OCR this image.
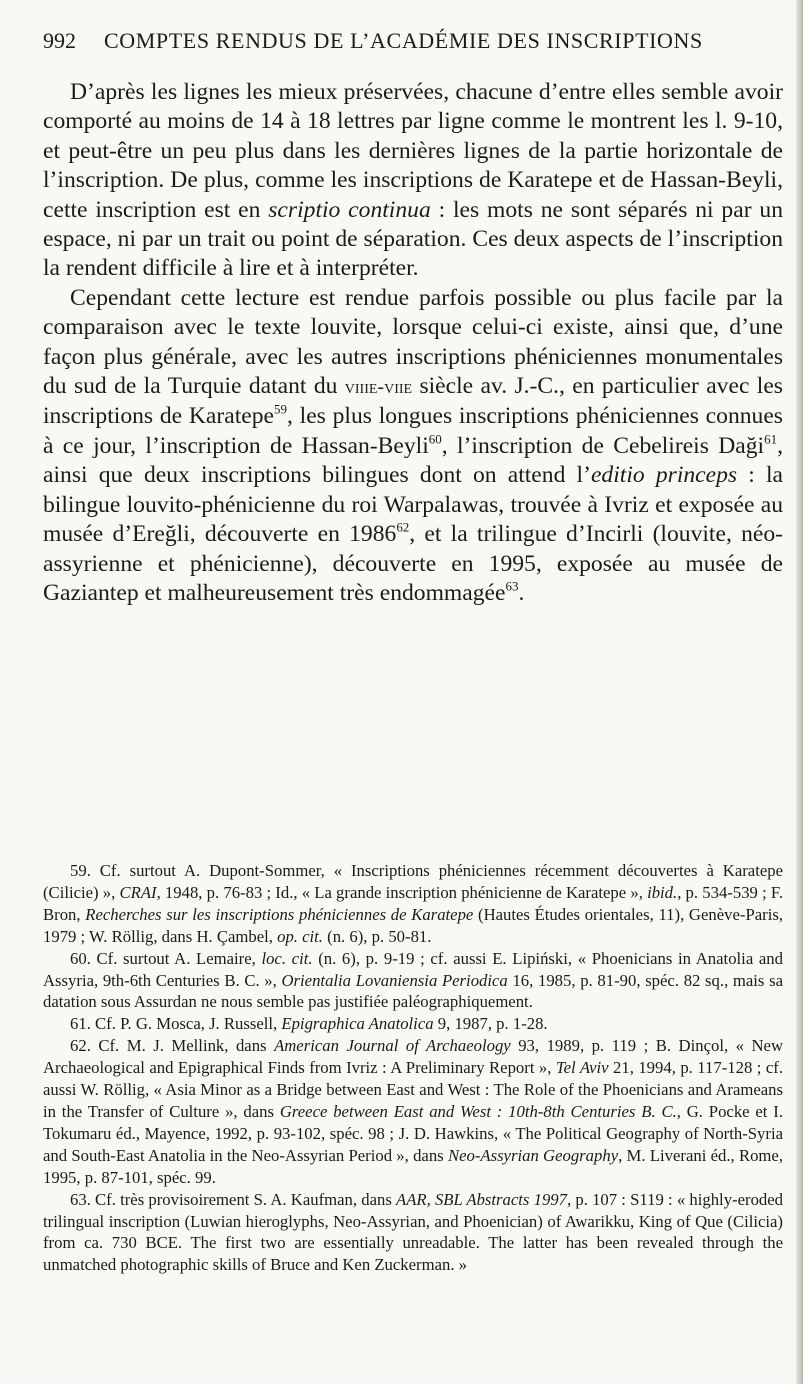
992 COMPTES RENDUS DE L’ACADÉMIE DES INSCRIPTIONS

D’après les lignes les mieux préservées, chacune d’entre elles semble avoir comporté au moins de 14 à 18 lettres par ligne comme le montrent les l. 9-10, et peut-être un peu plus dans les dernières lignes de la partie horizontale de l’inscription. De plus, comme les inscriptions de Karatepe et de Hassan-Beyli, cette inscription est en scriptio continua : les mots ne sont séparés ni par un espace, ni par un trait ou point de séparation. Ces deux aspects de l’inscription la rendent difficile à lire et à interpréter.

Cependant cette lecture est rendue parfois possible ou plus facile par la comparaison avec le texte louvite, lorsque celui-ci existe, ainsi que, d’une façon plus générale, avec les autres inscriptions phéniciennes monumentales du sud de la Turquie datant du viiie-viie siècle av. J.-C., en particulier avec les inscriptions de Karatepe$^{59}$, les plus longues inscriptions phéniciennes connues à ce jour, l’inscription de Hassan-Beyli$^{60}$, l’inscription de Cebelireis Daği$^{61}$, ainsi que deux inscriptions bilingues dont on attend l’editio princeps : la bilingue louvito-phénicienne du roi Warpalawas, trouvée à Ivriz et exposée au musée d’Ereğli, découverte en 1986$^{62}$, et la trilingue d’Incirli (louvite, néo-assyrienne et phénicienne), découverte en 1995, exposée au musée de Gaziantep et malheureusement très endommagée$^{63}$.

59. Cf. surtout A. Dupont-Sommer, « Inscriptions phéniciennes récemment découvertes à Karatepe (Cilicie) », CRAI, 1948, p. 76-83 ; Id., « La grande inscription phénicienne de Karatepe », ibid., p. 534-539 ; F. Bron, Recherches sur les inscriptions phéniciennes de Karatepe (Hautes Études orientales, 11), Genève-Paris, 1979 ; W. Röllig, dans H. Çambel, op. cit. (n. 6), p. 50-81.

60. Cf. surtout A. Lemaire, loc. cit. (n. 6), p. 9-19 ; cf. aussi E. Lipiński, « Phoenicians in Anatolia and Assyria, 9th-6th Centuries B. C. », Orientalia Lovaniensia Periodica 16, 1985, p. 81-90, spéc. 82 sq., mais sa datation sous Assurdan ne nous semble pas justifiée paléographiquement.

61. Cf. P. G. Mosca, J. Russell, Epigraphica Anatolica 9, 1987, p. 1-28.

62. Cf. M. J. Mellink, dans American Journal of Archaeology 93, 1989, p. 119 ; B. Dinçol, « New Archaeological and Epigraphical Finds from Ivriz : A Preliminary Report », Tel Aviv 21, 1994, p. 117-128 ; cf. aussi W. Röllig, « Asia Minor as a Bridge between East and West : The Role of the Phoenicians and Arameans in the Transfer of Culture », dans Greece between East and West : 10th-8th Centuries B. C., G. Pocke et I. Tokumaru éd., Mayence, 1992, p. 93-102, spéc. 98 ; J. D. Hawkins, « The Political Geography of North-Syria and South-East Anatolia in the Neo-Assyrian Period », dans Neo-Assyrian Geography, M. Liverani éd., Rome, 1995, p. 87-101, spéc. 99.

63. Cf. très provisoirement S. A. Kaufman, dans AAR, SBL Abstracts 1997, p. 107 : S119 : « highly-eroded trilingual inscription (Luwian hieroglyphs, Neo-Assyrian, and Phoenician) of Awarikku, King of Que (Cilicia) from ca. 730 BCE. The first two are essentially unreadable. The latter has been revealed through the unmatched photographic skills of Bruce and Ken Zuckerman. »
